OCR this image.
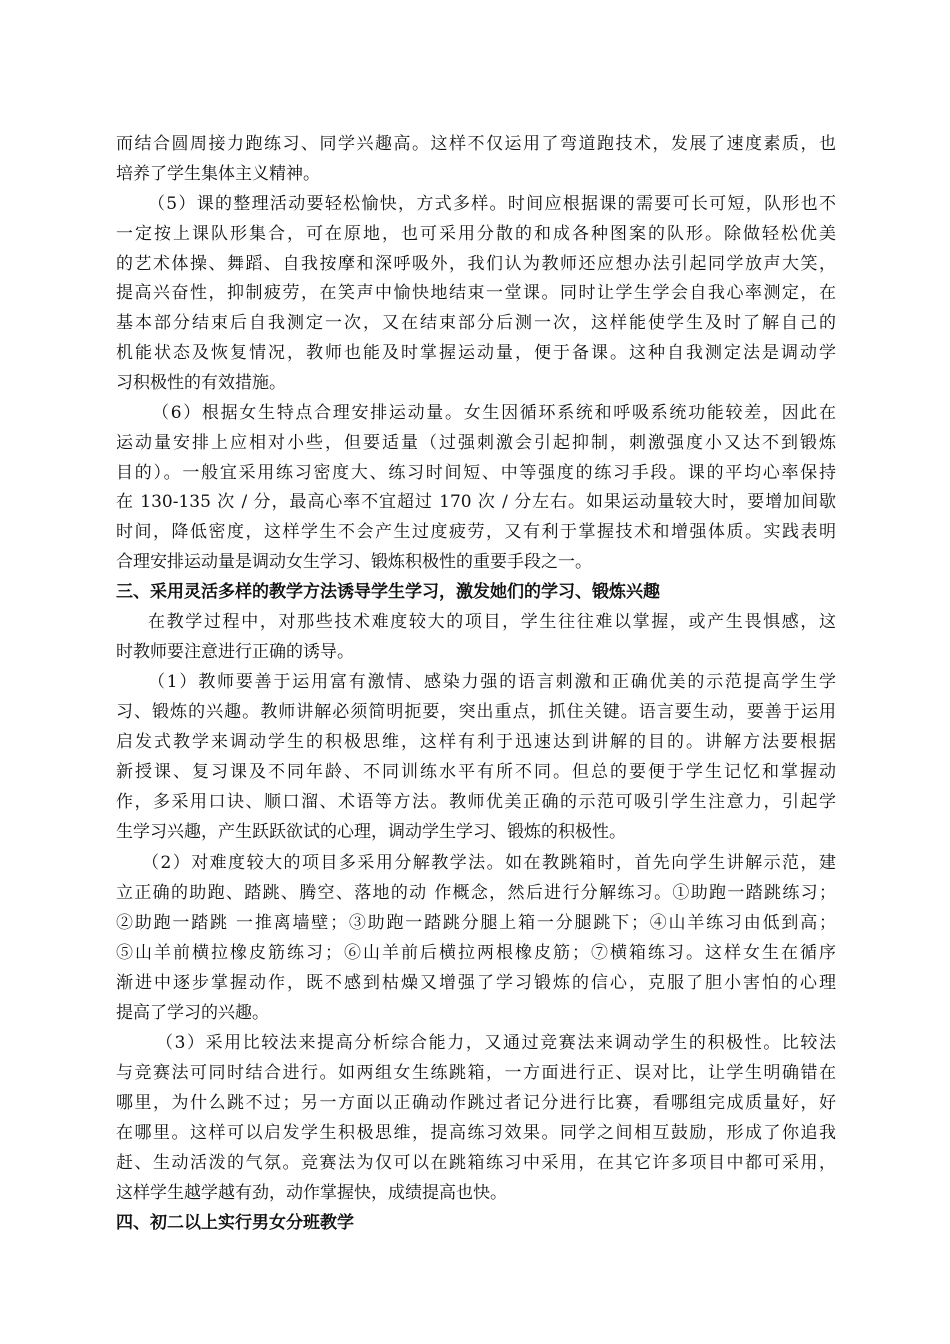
而结合圆周接力跑练习、同学兴趣高。这样不仅运用了弯道跑技术，发展了速度素质，也
培养了学生集体主义精神。
（5）课的整理活动要轻松愉快，方式多样。时间应根据课的需要可长可短，队形也不
一定按上课队形集合，可在原地，也可采用分散的和成各种图案的队形。除做轻松优美
的艺术体操、舞蹈、自我按摩和深呼吸外，我们认为教师还应想办法引起同学放声大笑，
提高兴奋性，抑制疲劳，在笑声中愉快地结束一堂课。同时让学生学会自我心率测定，在
基本部分结束后自我测定一次，又在结束部分后测一次，这样能使学生及时了解自己的
机能状态及恢复情况，教师也能及时掌握运动量，便于备课。这种自我测定法是调动学
习积极性的有效措施。
（6）根据女生特点合理安排运动量。女生因循环系统和呼吸系统功能较差，因此在
运动量安排上应相对小些，但要适量（过强刺激会引起抑制，刺激强度小又达不到锻炼
目的）。一般宜采用练习密度大、练习时间短、中等强度的练习手段。课的平均心率保持
在 130-135 次 / 分，最高心率不宜超过 170 次 / 分左右。如果运动量较大时，要增加间歇
时间，降低密度，这样学生不会产生过度疲劳，又有利于掌握技术和增强体质。实践表明
合理安排运动量是调动女生学习、锻炼积极性的重要手段之一。
三、采用灵活多样的教学方法诱导学生学习，激发她们的学习、锻炼兴趣
在教学过程中，对那些技术难度较大的项目，学生往往难以掌握，或产生畏惧感，这
时教师要注意进行正确的诱导。
（1）教师要善于运用富有激情、感染力强的语言刺激和正确优美的示范提高学生学
习、锻炼的兴趣。教师讲解必须简明扼要，突出重点，抓住关键。语言要生动，要善于运用
启发式教学来调动学生的积极思维，这样有利于迅速达到讲解的目的。讲解方法要根据
新授课、复习课及不同年龄、不同训练水平有所不同。但总的要便于学生记忆和掌握动
作，多采用口诀、顺口溜、术语等方法。教师优美正确的示范可吸引学生注意力，引起学
生学习兴趣，产生跃跃欲试的心理，调动学生学习、锻炼的积极性。
（2）对难度较大的项目多采用分解教学法。如在教跳箱时，首先向学生讲解示范，建
立正确的助跑、踏跳、腾空、落地的动 作概念，然后进行分解练习。①助跑一踏跳练习；
②助跑一踏跳 一推离墙壁；③助跑一踏跳分腿上箱一分腿跳下；④山羊练习由低到高；
⑤山羊前横拉橡皮筋练习；⑥山羊前后横拉两根橡皮筋；⑦横箱练习。这样女生在循序
渐进中逐步掌握动作，既不感到枯燥又增强了学习锻炼的信心，克服了胆小害怕的心理
提高了学习的兴趣。
（3）采用比较法来提高分析综合能力，又通过竞赛法来调动学生的积极性。比较法
与竞赛法可同时结合进行。如两组女生练跳箱，一方面进行正、误对比，让学生明确错在
哪里，为什么跳不过；另一方面以正确动作跳过者记分进行比赛，看哪组完成质量好，好
在哪里。这样可以启发学生积极思维，提高练习效果。同学之间相互鼓励，形成了你追我
赶、生动活泼的气氛。竞赛法为仅可以在跳箱练习中采用，在其它许多项目中都可采用，
这样学生越学越有劲，动作掌握快，成绩提高也快。
四、初二以上实行男女分班教学
